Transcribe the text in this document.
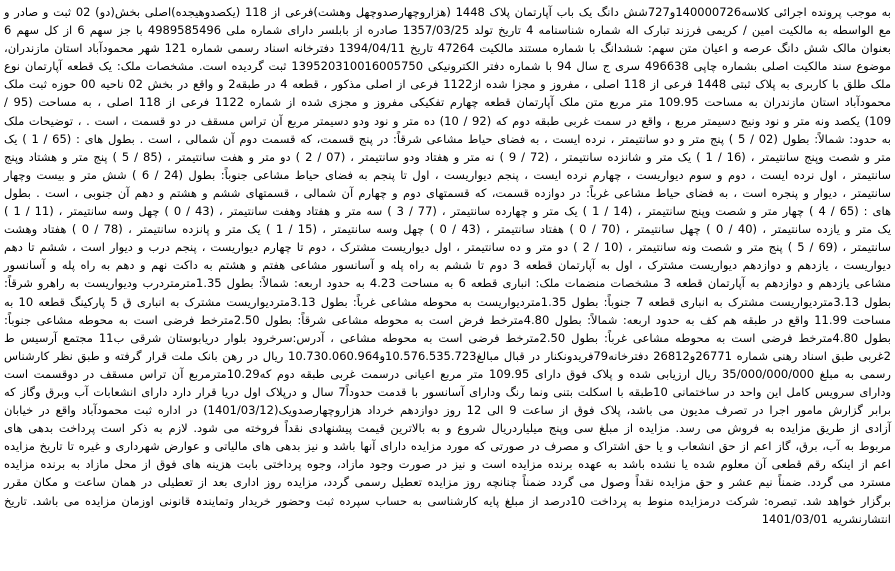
به موجب پرونده اجرائی کلاسه140000726و727شش دانگ یک باب آپارتمان پلاک 1448 (هزاروچهارصدوچهل وهشت)فرعی از 118 (یکصدوهیجده)اصلی بخش(دو) 02 ثبت و صادر و مع الواسطه به مالکیت امین / کریمی فرزند تبارک اله شماره شناسنامه 4 تاریخ تولد 1357/03/25 صادره از بابلسر دارای شماره ملی 4989585496 با جز سهم 6 از کل سهم 6 بعنوان مالک شش دانگ عرصه و اعیان متن سهم: ششدانگ با شماره مستند مالکیت 47264 تاریخ 1394/04/11 دفترخانه اسناد رسمی شماره 121 شهر محمودآباد استان مازندران، موضوع سند مالکیت اصلی بشماره چاپی 496638 سری ج سال 94 با شماره دفتر الکترونیکی 139520310016005750 ثبت گردیده است. مشخصات ملک: یک قطعه آپارتمان نوع ملک طلق با کاربری به پلاک ثبتی 1448 فرعی از 118 اصلی ، مفروز و مجزا شده از1122 فرعی از اصلی مذکور ، قطعه 4 در طبقه2 و واقع در بخش 02 ناحیه 00 حوزه ثبت ملک محمودآباد استان مازندران به مساحت 109.95 متر مربع متن ملک آپارتمان قطعه چهارم تفکیکی مفروز و مجزی شده از شماره 1122 فرعی از 118 اصلی ، به مساحت (95 / 109) یکصد ونه متر و نود ونیج دسیمتر مربع ، واقع در سمت غربی طبقه دوم که (92 / 10) ده متر و نود ودو دسیمتر مربع آن تراس مسقف در دو قسمت ، است . ، توضیحات ملک به حدود: شمالاً: بطول (02 / 5 ) پنج متر و دو سانتیمتر ، نرده ایست ، به فضای حیاط مشاعی شرقاً: در پنج قسمت، که قسمت دوم آن شمالی ، است . بطول های : (65 / 1 ) یک متر و شصت وپنج سانتیمتر ، (16 / 1 ) یک متر و شانزده سانتیمتر ، (72 / 9 ) نه متر و هفتاد ودو سانتیمتر ، (07 / 2 ) دو متر و هفت سانتیمتر ، (85 / 5 ) پنج متر و هشتاد وپنج سانتیمتر ، اول نرده ایست ، دوم و سوم دیواریست ، چهارم نرده ایست ، پنجم دیواریست ، اول تا پنجم به فضای حیاط مشاعی جنوباً: بطول (24 / 6 ) شش متر و بیست وچهار سانتیمتر ، دیوار و پنجره است ، به فضای حیاط مشاعی غرباً: در دوازده قسمت، که قسمتهای دوم و چهارم آن شمالی ، قسمتهای ششم و هشتم و دهم آن جنوبی ، است . بطول های : (65 / 4 ) چهار متر و شصت وپنج سانتیمتر ، (14 / 1 ) یک متر و چهارده سانتیمتر ، (77 / 3 ) سه متر و هفتاد وهفت سانتیمتر ، (43 / 0 ) چهل وسه سانتیمتر ، (11 / 1 ) یک متر و یازده سانتیمتر ، (40 / 0 ) چهل سانتیمتر ، (70 / 0 ) هفتاد سانتیمتر ، (43 / 0 ) چهل وسه سانتیمتر ، (15 / 1 ) یک متر و پانزده سانتیمتر ، (78 / 0 ) هفتاد وهشت سانتیمتر ، (69 / 5 ) پنج متر و شصت ونه سانتیمتر ، (10 / 2 ) دو متر و ده سانتیمتر ، اول دیواریست مشترک ، دوم تا چهارم دیواریست ، پنجم درب و دیوار است ، ششم تا دهم دیواریست ، یازدهم و دوازدهم دیواریست مشترک ، اول به آپارتمان قطعه 3 دوم تا ششم به راه پله و آسانسور مشاعی هفتم و هشتم به داکت نهم و دهم به راه پله و آسانسور مشاعی یازدهم و دوازدهم به آپارتمان قطعه 3 مشخصات منضمات ملک: انباری قطعه 6 به مساحت 4.23 به حدود اربعه: شمالاً: بطول 1.35مترمتردرب ودیواریست به راهرو شرقاً: بطول 3.13متردیواریست مشترک به انباری قطعه 7 جنوباً: بطول 1.35متردیواریست به محوطه مشاعی غرباً: بطول 3.13متردیواریست مشترک به انباری ق 5 پارکینگ قطعه 10 به مساحت 11.99 واقع در طبقه هم کف به حدود اربعه: شمالاً: بطول 4.80مترخط فرض است به محوطه مشاعی شرقاً: بطول 2.50مترخط فرضی است به محوطه مشاعی جنوباً: بطول 4.80مترخط فرضی است به محوطه مشاعی غرباً: بطول 2.50مترخط فرضی است به محوطه مشاعی ، آدرس:سرخرود بلوار دریابوستان شرقی ب11 مجتمع آرسیس ط 2غربی طبق اسناد رهنی شماره 26771و26812 دفترخانه79فریدونکنار در قبال مبالغ10.576.535.723و10.730.060.964 ریال در رهن بانک ملت قرار گرفته و طبق نظر کارشناس رسمی به مبلغ 35/000/000/000 ریال ارزیابی شده و پلاک فوق دارای 109.95 متر مربع اعیانی درسمت غربی طبقه دوم که10.29مترمربع آن تراس مسقف در دوقسمت است ودارای سرویس کامل این واحد در ساختمانی 10طبقه با اسکلت بتنی ونما رنگ ودارای آسانسور با قدمت حدوداً7 سال و درپلاک اول دریا قرار دارد دارای انشعابات آب وبرق وگاز که برابر گزارش مامور اجرا در تصرف مدیون می باشد، پلاک فوق از ساعت 9 الی 12 روز دوازدهم خرداد هزاروچهارصدویک(1401/03/12) در اداره ثبت محمودآباد واقع در خیابان آزادی از طریق مزایده به فروش می رسد. مزایده از مبلغ سی وپنج میلیاردریال شروع و به بالاترین قیمت پیشنهادی نقداً فروخته می شود. لازم به ذکر است پرداخت بدهی های مربوط به آب، برق، گاز اعم از حق انشعاب و یا حق اشتراک و مصرف در صورتی که مورد مزایده دارای آنها باشد و نیز بدهی های مالیاتی و عوارض شهرداری و غیره تا تاریخ مزایده اعم از اینکه رقم قطعی آن معلوم شده یا نشده باشد به عهده برنده مزایده است و نیز در صورت وجود مازاد، وجوه پرداختی بابت هزینه های فوق از محل مازاد به برنده مزایده مسترد می گردد. ضمناً نیم عشر و حق مزایده نقداً وصول می گردد ضمناً چنانچه روز مزایده تعطیل رسمی گردد، مزایده روز اداری بعد از تعطیلی در همان ساعت و مکان مقرر برگزار خواهد شد. تبصره: شرکت درمزایده منوط به پرداخت 10درصد از مبلغ پایه کارشناسی به حساب سپرده ثبت وحضور خریدار وتمایندہ قانونی اوزمان مزایده می باشد. تاریخ انتشارنشریه 1401/03/01
